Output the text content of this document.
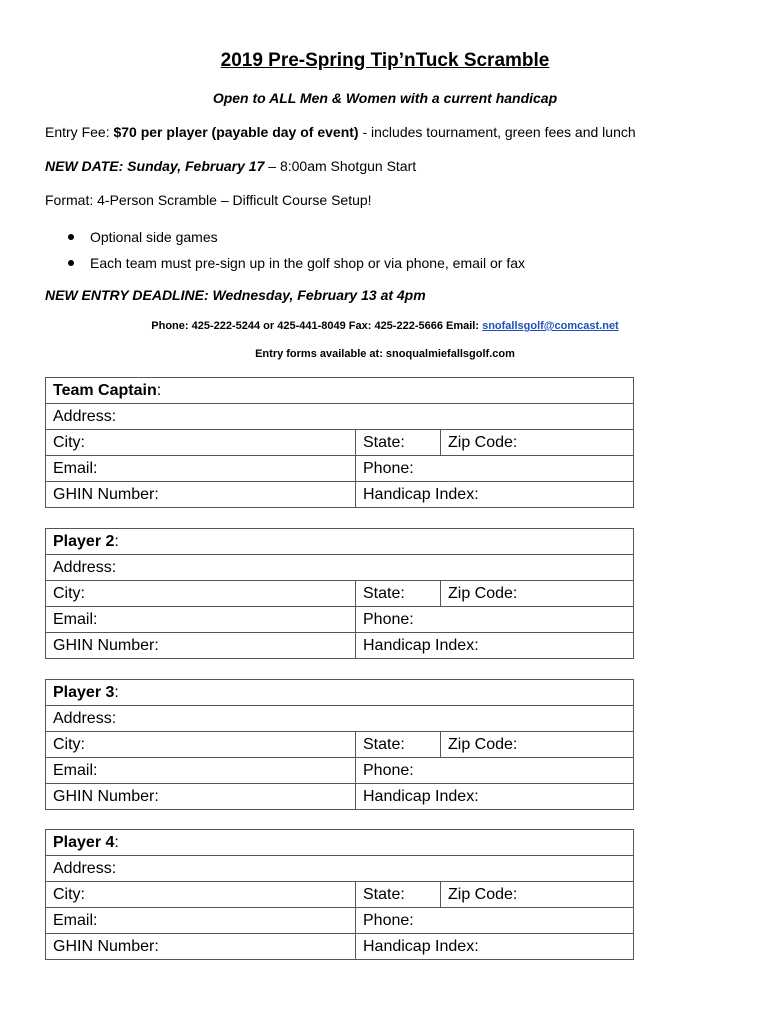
2019 Pre-Spring Tip’nTuck Scramble
Open to ALL Men & Women with a current handicap
Entry Fee: $70 per player (payable day of event) - includes tournament, green fees and lunch
NEW DATE: Sunday, February 17 – 8:00am Shotgun Start
Format: 4-Person Scramble – Difficult Course Setup!
Optional side games
Each team must pre-sign up in the golf shop or via phone, email or fax
NEW ENTRY DEADLINE: Wednesday, February 13 at 4pm
Phone: 425-222-5244 or 425-441-8049 Fax: 425-222-5666 Email: snofallsgolf@comcast.net
Entry forms available at: snoqualmiefallsgolf.com
Team Captain:		
Address:		
City:	State:	Zip Code:
Email:	Phone:	
GHIN Number:	Handicap Index:	
Player 2:		
Address:		
City:	State:	Zip Code:
Email:	Phone:	
GHIN Number:	Handicap Index:	
Player 3:		
Address:		
City:	State:	Zip Code:
Email:	Phone:	
GHIN Number:	Handicap Index:	
Player 4:		
Address:		
City:	State:	Zip Code:
Email:	Phone:	
GHIN Number:	Handicap Index:	
